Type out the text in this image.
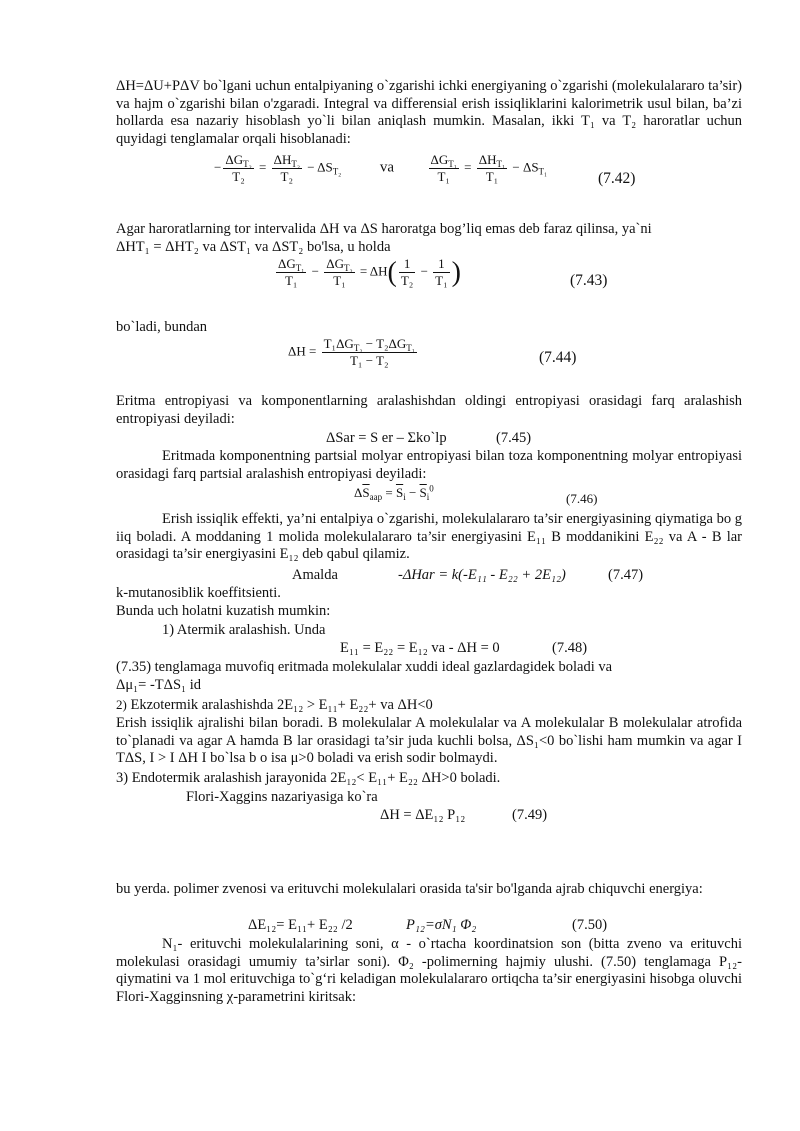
ΔH=ΔU+PΔV bo`lgani uchun entalpiyaning o`zgarishi ichki energiyaning o`zgarishi (molekulalararo ta’sir) va hajm o`zgarishi bilan o'zgaradi. Integral va differensial erish issiqliklarini kalorimetrik usul bilan, ba’zi hollarda esa nazariy hisoblash yo`li bilan aniqlash mumkin. Masalan, ikki T₁ va T₂ haroratlar uchun quyidagi tenglamalar orqali hisoblanadi:

− $\frac{\Delta G_{T_2}}{\text{T₂}} = \frac{\Delta H_{T_2}}{\text{T₂}} - \Delta S_{T_2}$	va	$\frac{\Delta G_{T_1}}{\text{T₁}} = \frac{\Delta H_{T_1}}{\text{T₁}} - \Delta S_{T_1}$	(7.42)
Agar haroratlarning tor intervalida ΔH va ΔS haroratga bog’liq emas deb faraz qilinsa, ya`ni
ΔHT₁ = ΔHT₂ va ΔST₁ va ΔST₂ bo'lsa, u holda
$\frac{\Delta G_{T_1}}{\text{T₁}} - \frac{\Delta G_{T_2}}{\text{T₁}} = \Delta H( \frac{1}{\text{T₂}} - \frac{1}{\text{T₁}}$ )	(7.43)
bo`ladi, bundan
$\Delta H = \frac{T_1\Delta G_{T_2} - T_2\Delta G_{T_1}}{\text{T₁ − T₂}}$	(7.44)

Eritma entropiyasi va komponentlarning aralashishdan oldingi entropiyasi orasidagi farq aralashish entropiyasi deyiladi:

ΔSar = S er – Σko`lp	(7.45)

Eritmada komponentning partsial molyar entropiyasi bilan toza komponentning molyar entropiyasi orasidagi farq partsial aralashish entropiyasi deyiladi:

$\Delta\overline{S}_{aap} = \overline{S}_i - \overline{S}_i^0$
(7.46)

Erish issiqlik effekti, ya’ni entalpiya o`zgarishi, molekulalararo ta’sir energiyasining qiymatiga bo g iiq boladi. A moddaning 1 molida molekulalararo ta’sir energiyasini E₁₁ B moddanikini E₂₂ va A - B lar orasidagi ta’sir energiyasini E₁₂ deb qabul qilamiz.

Amalda	-ΔHar = k(-E₁₁ - E₂₂ + 2E₁₂)	(7.47)
k-mutanosiblik koeffitsienti.
Bunda uch holatni kuzatish mumkin:
1) Atermik aralashish. Unda
E₁₁ = E₂₂ = E₁₂ va - ΔH = 0	(7.48)
(7.35) tenglamaga muvofiq eritmada molekulalar xuddi ideal gazlardagidek boladi va
Δμ₁= -TΔS₁ id
2) Ekzotermik aralashishda 2E₁₂ > E₁₁+ E₂₂+ va ΔH<0

Erish issiqlik ajralishi bilan boradi. B molekulalar A molekulalar va A molekulalar B molekulalar atrofida to`planadi va agar A hamda B lar orasidagi ta’sir juda kuchli bolsa, ΔS₁<0 bo`lishi ham mumkin va agar I TΔS, I > I ΔH I bo`lsa b o isa μ>0 boladi va erish sodir bolmaydi.

3) Endotermik aralashish jarayonida 2E₁₂< E₁₁+ E₂₂ ΔH>0 boladi.
Flori-Xaggins nazariyasiga ko`ra
ΔH = ΔE₁₂ P₁₂	(7.49)

bu yerda. polimer zvenosi va erituvchi molekulalari orasida ta'sir bo'lganda ajrab chiquvchi energiya:

ΔE₁₂= E₁₁+ E₂₂ /2	P₁₂=σN₁ Φ₂	(7.50)

N₁- erituvchi molekulalarining soni, α - o`rtacha koordinatsion son (bitta zveno va erituvchi molekulasi orasidagi umumiy ta’sirlar soni). Φ₂ -polimerning hajmiy ulushi. (7.50) tenglamaga P₁₂-qiymatini va 1 mol erituvchiga to`g‘ri keladigan molekulalararo ortiqcha ta’sir energiyasini hisobga oluvchi Flori-Xagginsning χ-parametrini kiritsak:
